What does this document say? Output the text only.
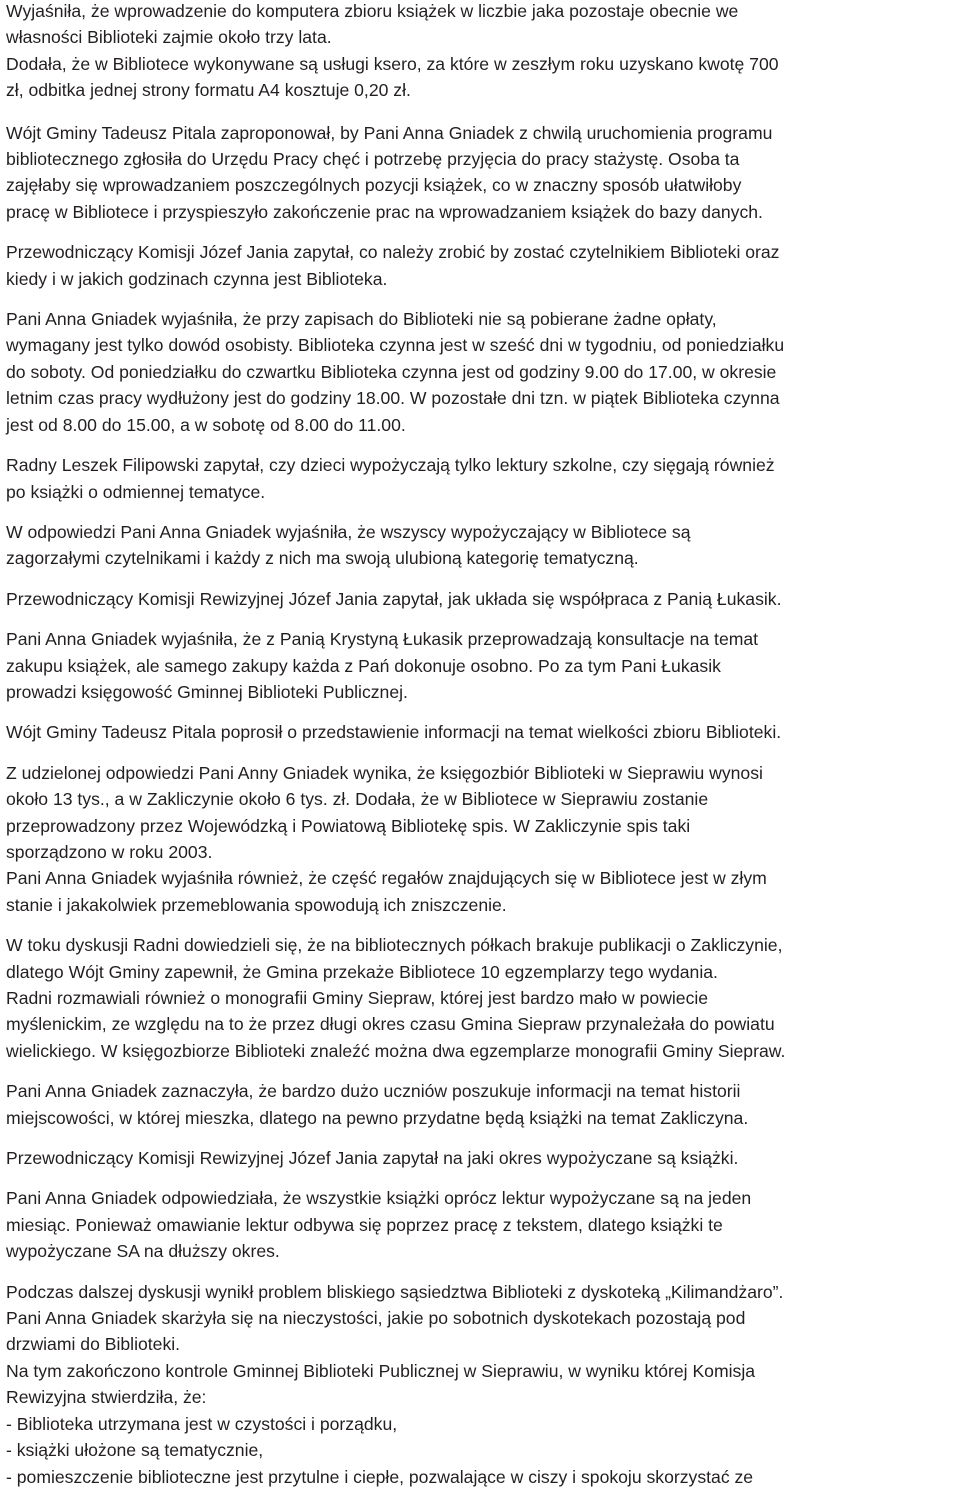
Wyjaśniła, że wprowadzenie do komputera zbioru książek w liczbie jaka pozostaje obecnie we
własności Biblioteki zajmie około trzy lata.
Dodała, że w Bibliotece wykonywane są usługi ksero, za które w zeszłym roku uzyskano kwotę 700
zł, odbitka jednej strony formatu A4 kosztuje 0,20 zł.
Wójt Gminy Tadeusz Pitala zaproponował, by Pani Anna Gniadek z chwilą uruchomienia programu
bibliotecznego zgłosiła do Urzędu Pracy chęć i potrzebę przyjęcia do pracy stażystę. Osoba ta
zajęłaby się wprowadzaniem poszczególnych pozycji książek, co w znaczny sposób ułatwiłoby
pracę w Bibliotece i przyspieszyło zakończenie prac na wprowadzaniem książek do bazy danych.
Przewodniczący Komisji Józef Jania zapytał, co należy zrobić by zostać czytelnikiem Biblioteki oraz
kiedy i w jakich godzinach czynna jest Biblioteka.
Pani Anna Gniadek wyjaśniła, że przy zapisach do Biblioteki nie są pobierane żadne opłaty,
wymagany jest tylko dowód osobisty. Biblioteka czynna jest w sześć dni w tygodniu, od poniedziałku
do soboty. Od poniedziałku do czwartku Biblioteka czynna jest od godziny 9.00 do 17.00, w okresie
letnim czas pracy wydłużony jest do godziny 18.00. W pozostałe dni tzn. w piątek Biblioteka czynna
jest od 8.00 do 15.00, a w sobotę od 8.00 do 11.00.
Radny Leszek Filipowski zapytał, czy dzieci wypożyczają tylko lektury szkolne, czy sięgają również
po książki o odmiennej tematyce.
W odpowiedzi Pani Anna Gniadek wyjaśniła, że wszyscy wypożyczający w Bibliotece są
zagorzałymi czytelnikami i każdy z nich ma swoją ulubioną kategorię tematyczną.
Przewodniczący Komisji Rewizyjnej Józef Jania zapytał, jak układa się współpraca z Panią Łukasik.
Pani Anna Gniadek wyjaśniła, że z Panią Krystyną Łukasik przeprowadzają konsultacje na temat
zakupu książek, ale samego zakupy każda z Pań dokonuje osobno. Po za tym Pani Łukasik
prowadzi księgowość Gminnej Biblioteki Publicznej.
Wójt Gminy Tadeusz Pitala poprosił o przedstawienie informacji na temat wielkości zbioru Biblioteki.
Z udzielonej odpowiedzi Pani Anny Gniadek wynika, że księgozbiór Biblioteki w Sieprawiu wynosi
około 13 tys., a w Zakliczynie około 6 tys. zł. Dodała, że w Bibliotece w Sieprawiu zostanie
przeprowadzony przez Wojewódzką i Powiatową Bibliotekę spis. W Zakliczynie spis taki
sporządzono w roku 2003.
Pani Anna Gniadek wyjaśniła również, że część regałów znajdujących się w Bibliotece jest w złym
stanie i jakakolwiek przemeblowania spowodują ich zniszczenie.
W toku dyskusji Radni dowiedzieli się, że na bibliotecznych półkach brakuje publikacji o Zakliczynie,
dlatego Wójt Gminy zapewnił, że Gmina przekaże Bibliotece 10 egzemplarzy tego wydania.
Radni rozmawiali również o monografii Gminy Siepraw, której jest bardzo mało w powiecie
myślenickim, ze względu na to że przez długi okres czasu Gmina Siepraw przynależała do powiatu
wielickiego. W księgozbiorze Biblioteki znaleźć można dwa egzemplarze monografii Gminy Siepraw.
Pani Anna Gniadek zaznaczyła, że bardzo dużo uczniów poszukuje informacji na temat historii
miejscowości, w której mieszka, dlatego na pewno przydatne będą książki na temat Zakliczyna.
Przewodniczący Komisji Rewizyjnej Józef Jania zapytał na jaki okres wypożyczane są książki.
Pani Anna Gniadek odpowiedziała, że wszystkie książki oprócz lektur wypożyczane są na jeden
miesiąc. Ponieważ omawianie lektur odbywa się poprzez pracę z tekstem, dlatego książki te
wypożyczane SA na dłuższy okres.
Podczas dalszej dyskusji wynikł problem bliskiego sąsiedztwa Biblioteki z dyskoteką „Kilimandżaro”.
Pani Anna Gniadek skarżyła się na nieczystości, jakie po sobotnich dyskotekach pozostają pod
drzwiami do Biblioteki.
Na tym zakończono kontrole Gminnej Biblioteki Publicznej w Sieprawiu, w wyniku której Komisja
Rewizyjna stwierdziła, że:
- Biblioteka utrzymana jest w czystości i porządku,
- książki ułożone są tematycznie,
- pomieszczenie biblioteczne jest przytulne i ciepłe, pozwalające w ciszy i spokoju skorzystać ze
